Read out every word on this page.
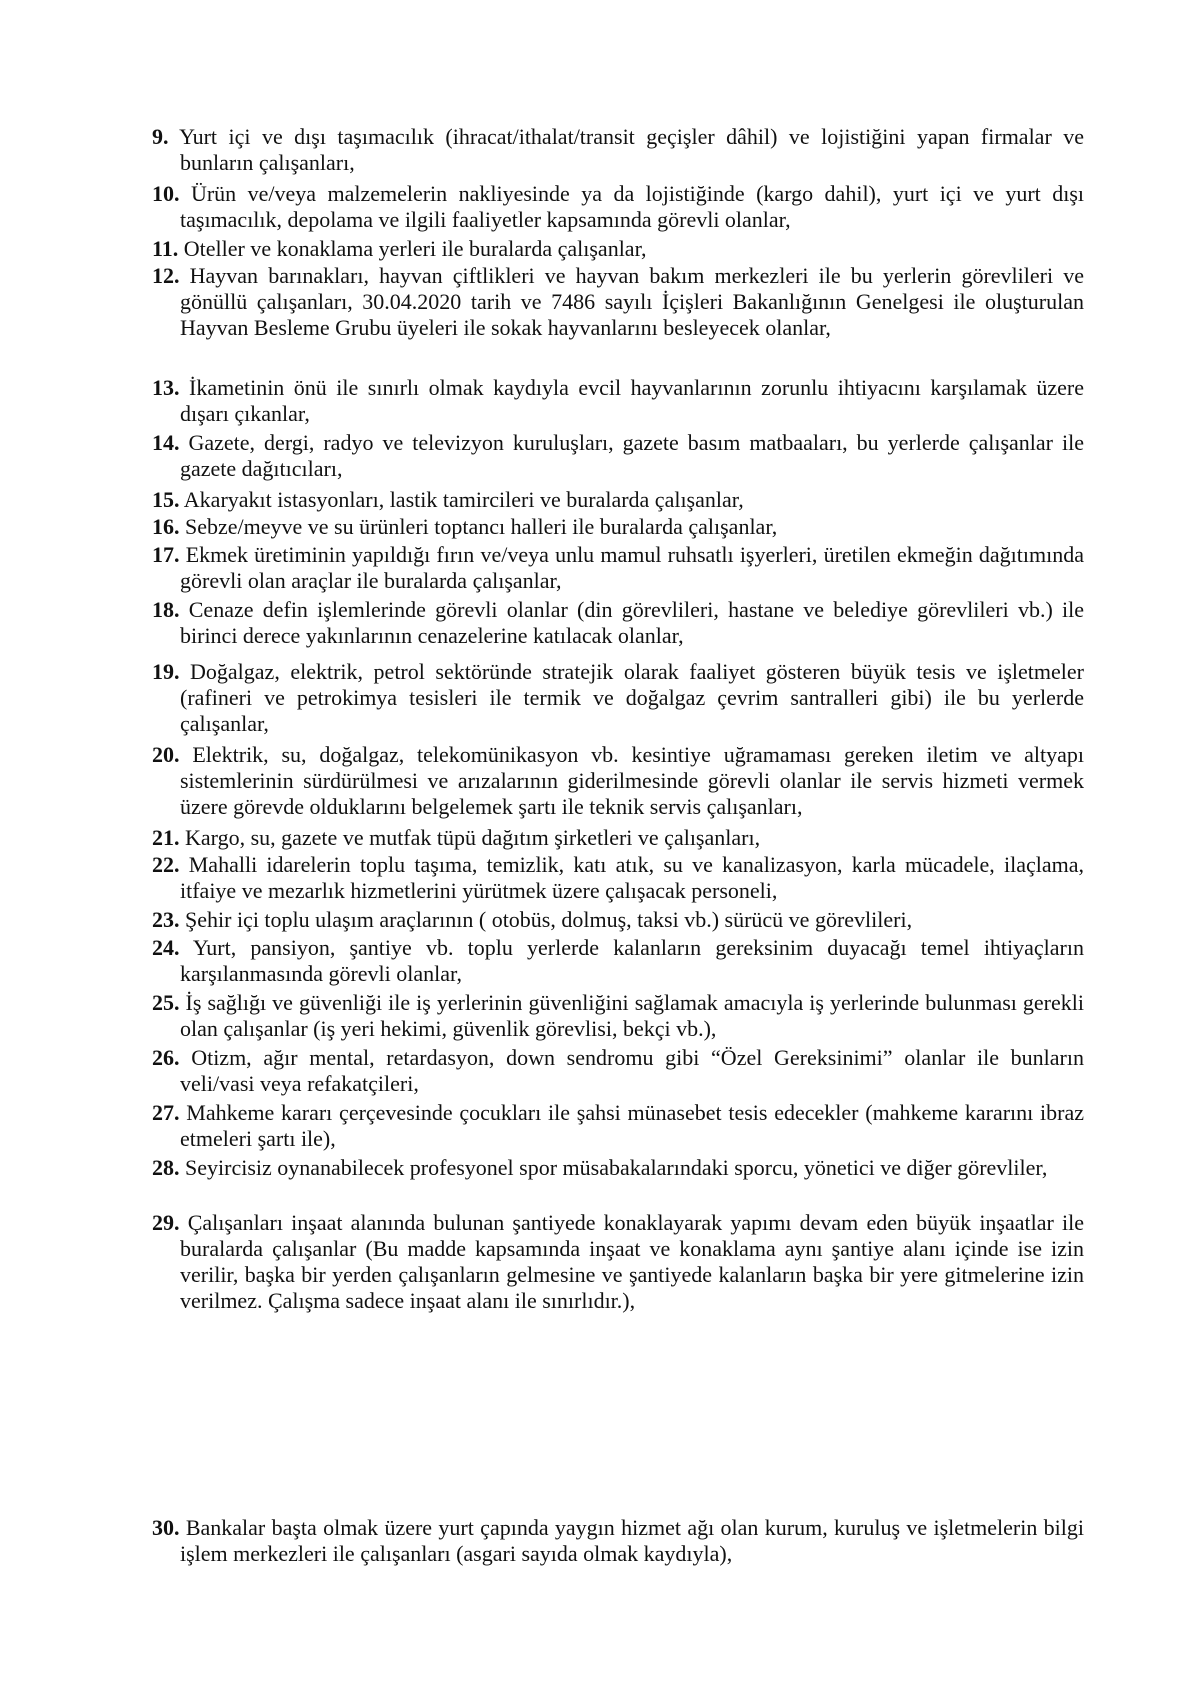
9. Yurt içi ve dışı taşımacılık (ihracat/ithalat/transit geçişler dâhil) ve lojistiğini yapan firmalar ve bunların çalışanları,
10. Ürün ve/veya malzemelerin nakliyesinde ya da lojistiğinde (kargo dahil), yurt içi ve yurt dışı taşımacılık, depolama ve ilgili faaliyetler kapsamında görevli olanlar,
11. Oteller ve konaklama yerleri ile buralarda çalışanlar,
12. Hayvan barınakları, hayvan çiftlikleri ve hayvan bakım merkezleri ile bu yerlerin görevlileri ve gönüllü çalışanları, 30.04.2020 tarih ve 7486 sayılı İçişleri Bakanlığının Genelgesi ile oluşturulan Hayvan Besleme Grubu üyeleri ile sokak hayvanlarını besleyecek olanlar,
13. İkametinin önü ile sınırlı olmak kaydıyla evcil hayvanlarının zorunlu ihtiyacını karşılamak üzere dışarı çıkanlar,
14. Gazete, dergi, radyo ve televizyon kuruluşları, gazete basım matbaaları, bu yerlerde çalışanlar ile gazete dağıtıcıları,
15. Akaryakıt istasyonları, lastik tamircileri ve buralarda çalışanlar,
16. Sebze/meyve ve su ürünleri toptancı halleri ile buralarda çalışanlar,
17. Ekmek üretiminin yapıldığı fırın ve/veya unlu mamul ruhsatlı işyerleri, üretilen ekmeğin dağıtımında görevli olan araçlar ile buralarda çalışanlar,
18. Cenaze defin işlemlerinde görevli olanlar (din görevlileri, hastane ve belediye görevlileri vb.) ile birinci derece yakınlarının cenazelerine katılacak olanlar,
19. Doğalgaz, elektrik, petrol sektöründe stratejik olarak faaliyet gösteren büyük tesis ve işletmeler (rafineri ve petrokimya tesisleri ile termik ve doğalgaz çevrim santralleri gibi) ile bu yerlerde çalışanlar,
20. Elektrik, su, doğalgaz, telekomünikasyon vb. kesintiye uğramaması gereken iletim ve altyapı sistemlerinin sürdürülmesi ve arızalarının giderilmesinde görevli olanlar ile servis hizmeti vermek üzere görevde olduklarını belgelemek şartı ile teknik servis çalışanları,
21. Kargo, su, gazete ve mutfak tüpü dağıtım şirketleri ve çalışanları,
22. Mahalli idarelerin toplu taşıma, temizlik, katı atık, su ve kanalizasyon, karla mücadele, ilaçlama, itfaiye ve mezarlık hizmetlerini yürütmek üzere çalışacak personeli,
23. Şehir içi toplu ulaşım araçlarının ( otobüs, dolmuş, taksi vb.) sürücü ve görevlileri,
24. Yurt, pansiyon, şantiye vb. toplu yerlerde kalanların gereksinim duyacağı temel ihtiyaçların karşılanmasında görevli olanlar,
25. İş sağlığı ve güvenliği ile iş yerlerinin güvenliğini sağlamak amacıyla iş yerlerinde bulunması gerekli olan çalışanlar (iş yeri hekimi, güvenlik görevlisi, bekçi vb.),
26. Otizm, ağır mental, retardasyon, down sendromu gibi “Özel Gereksinimi” olanlar ile bunların veli/vasi veya refakatçileri,
27. Mahkeme kararı çerçevesinde çocukları ile şahsi münasebet tesis edecekler (mahkeme kararını ibraz etmeleri şartı ile),
28. Seyircisiz oynanabilecek profesyonel spor müsabakalarındaki sporcu, yönetici ve diğer görevliler,
29. Çalışanları inşaat alanında bulunan şantiyede konaklayarak yapımı devam eden büyük inşaatlar ile buralarda çalışanlar (Bu madde kapsamında inşaat ve konaklama aynı şantiye alanı içinde ise izin verilir, başka bir yerden çalışanların gelmesine ve şantiyede kalanların başka bir yere gitmelerine izin verilmez. Çalışma sadece inşaat alanı ile sınırlıdır.),
30. Bankalar başta olmak üzere yurt çapında yaygın hizmet ağı olan kurum, kuruluş ve işletmelerin bilgi işlem merkezleri ile çalışanları (asgari sayıda olmak kaydıyla),
